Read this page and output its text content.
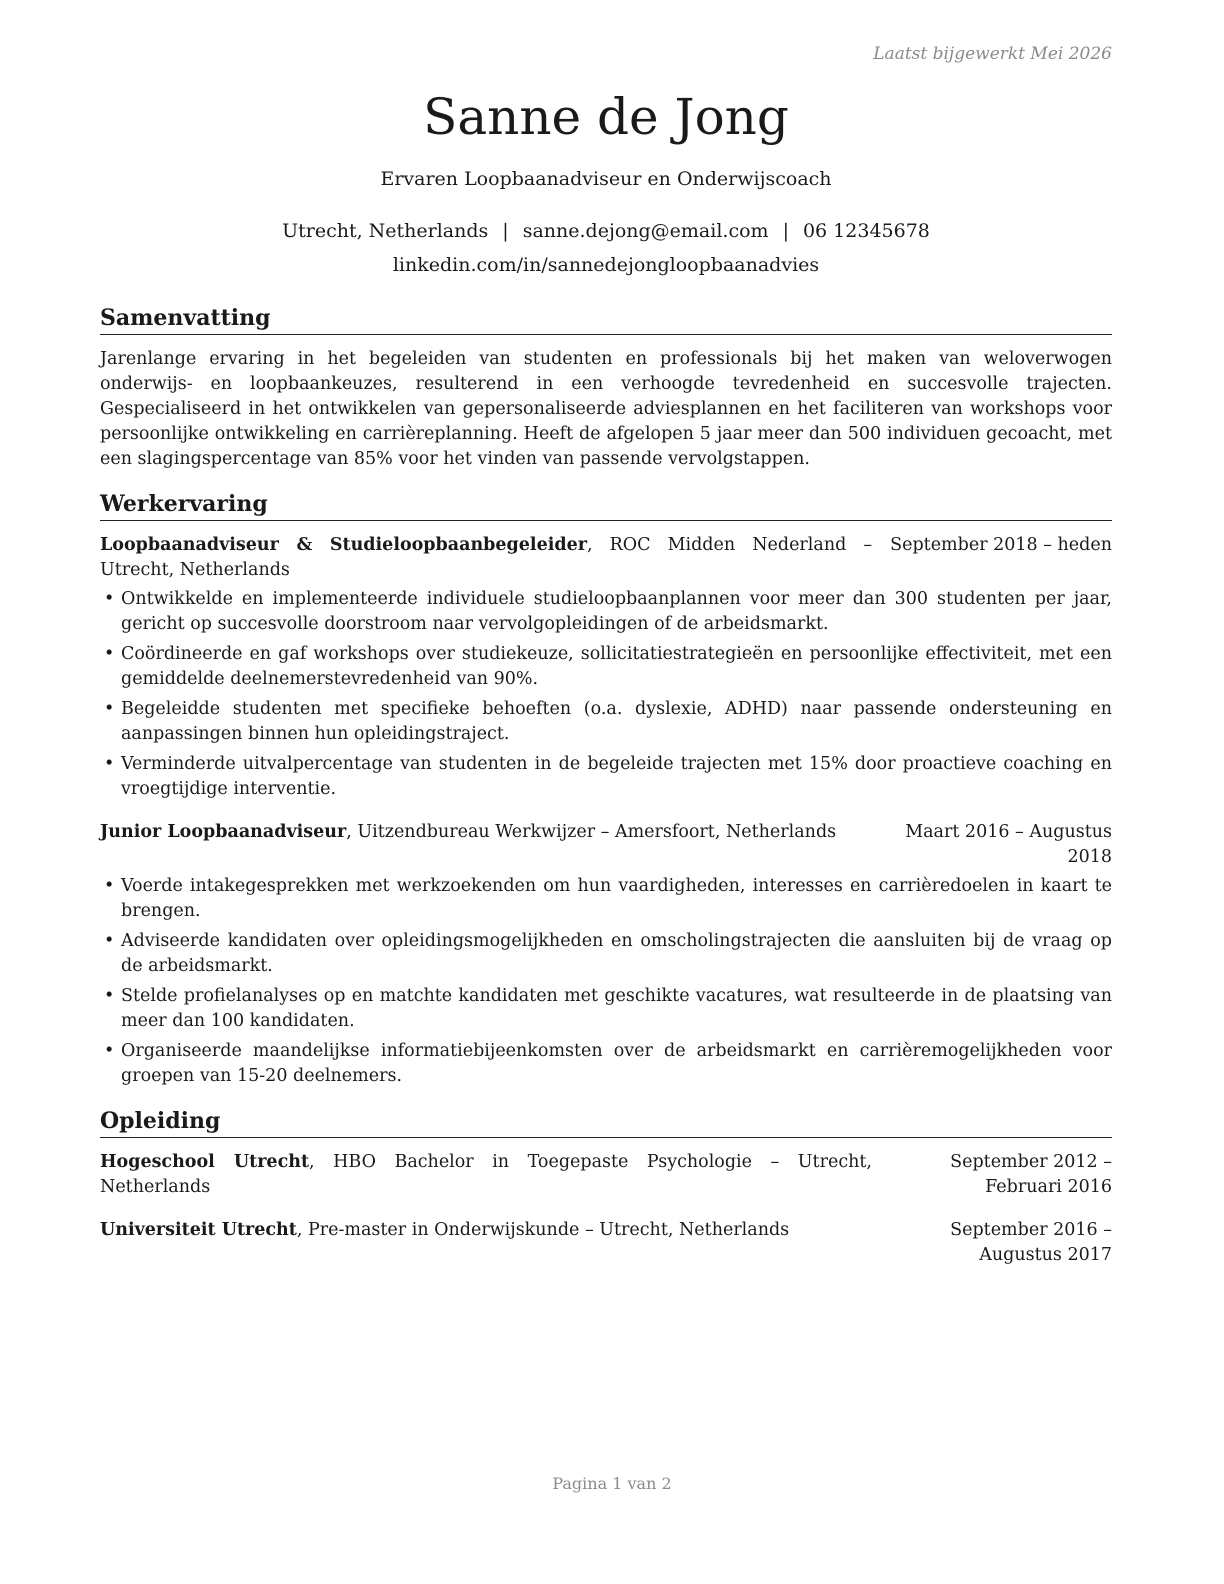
Laatst bijgewerkt Mei 2026
Sanne de Jong
Ervaren Loopbaanadviseur en Onderwijscoach
Utrecht, Netherlands | sanne.dejong@email.com | 06 12345678
linkedin.com/in/sannedejongloopbaanadvies
Samenvatting

Jarenlange ervaring in het begeleiden van studenten en professionals bij het maken van weloverwogen onderwijs- en loopbaankeuzes, resulterend in een verhoogde tevredenheid en succesvolle trajecten. Gespecialiseerd in het ontwikkelen van gepersonaliseerde adviesplannen en het faciliteren van workshops voor persoonlijke ontwikkeling en carrièreplanning. Heeft de afgelopen 5 jaar meer dan 500 individuen gecoacht, met een slagingspercentage van 85% voor het vinden van passende vervolgstappen.

Werkervaring
Loopbaanadviseur & Studieloopbaanbegeleider, ROC Midden Nederland – Utrecht, Netherlands
September 2018 – heden
• Ontwikkelde en implementeerde individuele studieloopbaanplannen voor meer dan 300 studenten per jaar, gericht op succesvolle doorstroom naar vervolgopleidingen of de arbeidsmarkt.
• Coördineerde en gaf workshops over studiekeuze, sollicitatiestrategieën en persoonlijke effectiviteit, met een gemiddelde deelnemerstevredenheid van 90%.
• Begeleidde studenten met specifieke behoeften (o.a. dyslexie, ADHD) naar passende ondersteuning en aanpassingen binnen hun opleidingstraject.
• Verminderde uitvalpercentage van studenten in de begeleide trajecten met 15% door proactieve coaching en vroegtijdige interventie.
Junior Loopbaanadviseur, Uitzendbureau Werkwijzer – Amersfoort, Netherlands	Maart 2016 – Augustus 2018
• Voerde intakegesprekken met werkzoekenden om hun vaardigheden, interesses en carrièredoelen in kaart te brengen.
• Adviseerde kandidaten over opleidingsmogelijkheden en omscholingstrajecten die aansluiten bij de vraag op de arbeidsmarkt.
• Stelde profielanalyses op en matchte kandidaten met geschikte vacatures, wat resulteerde in de plaatsing van meer dan 100 kandidaten.
• Organiseerde maandelijkse informatiebijeenkomsten over de arbeidsmarkt en carrièremogelijkheden voor groepen van 15-20 deelnemers.
Opleiding
Hogeschool Utrecht, HBO Bachelor in Toegepaste Psychologie – Utrecht, Netherlands
September 2012 – Februari 2016
Universiteit Utrecht, Pre-master in Onderwijskunde – Utrecht, Netherlands	September 2016 – Augustus 2017
Pagina 1 van 2
